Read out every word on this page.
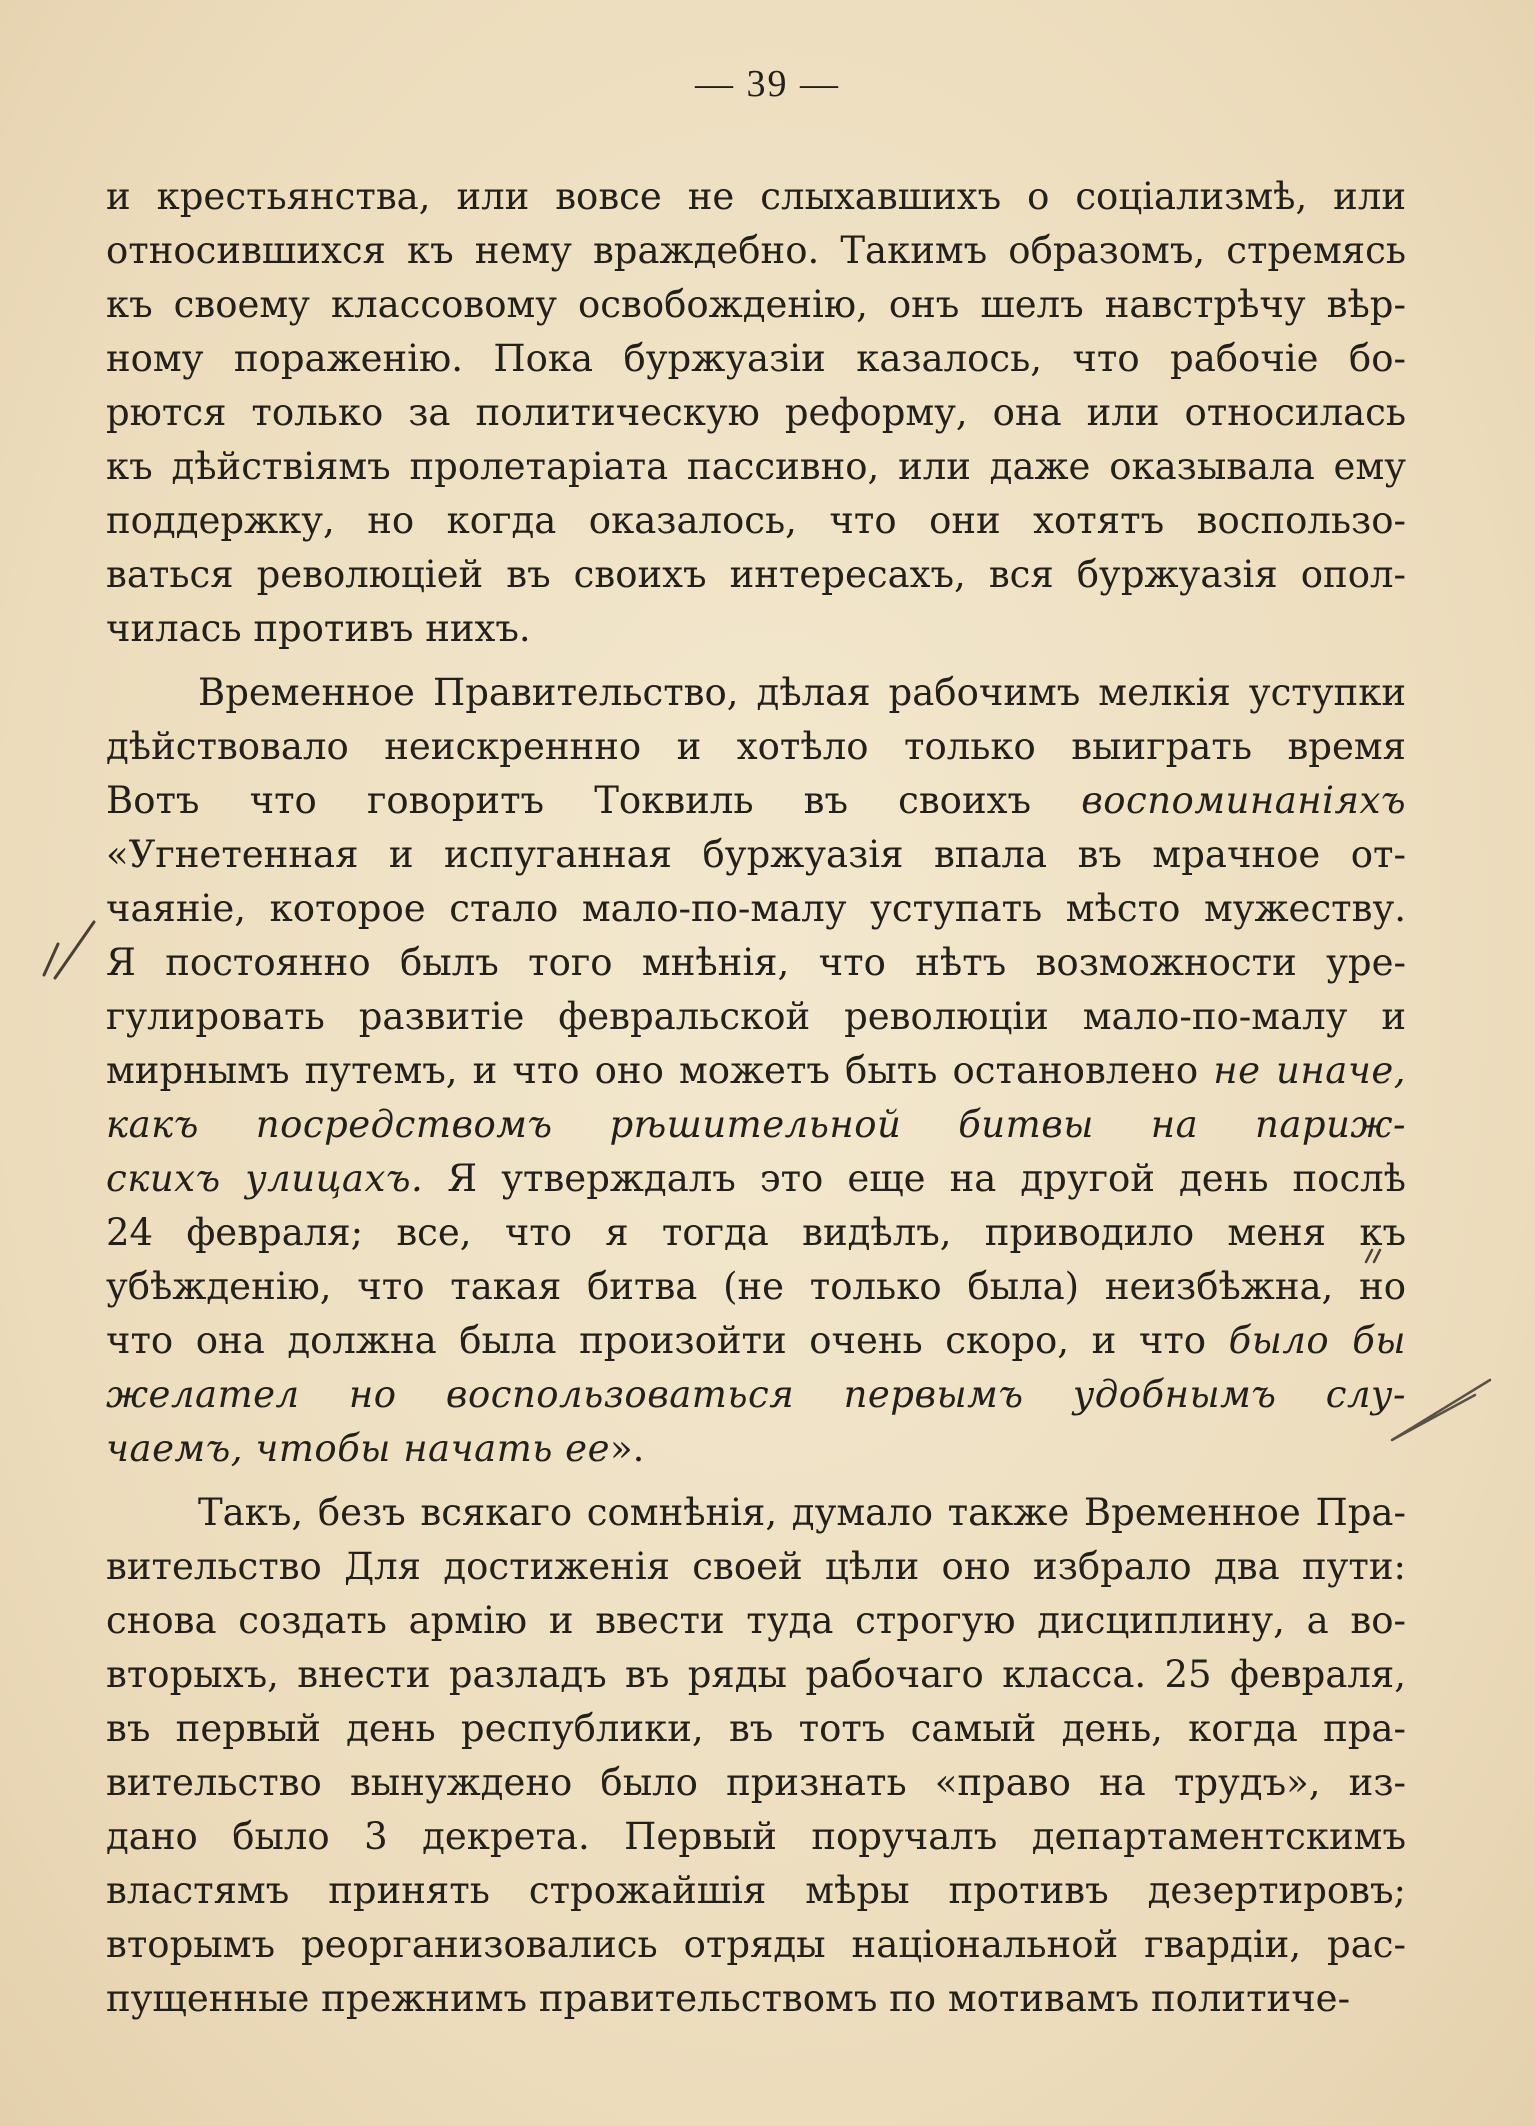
— 39 —
и крестьянства, или вовсе не слыхавшихъ о соціализмѣ, или
относившихся къ нему враждебно. Такимъ образомъ, стремясь
къ своему классовому освобожденію, онъ шелъ навстрѣчу вѣр-
ному пораженію. Пока буржуазіи казалось, что рабочіе бо-
рются только за политическую реформу, она или относилась
къ дѣйствіямъ пролетаріата пассивно, или даже оказывала ему
поддержку, но когда оказалось, что они хотятъ воспользо-
ваться революціей въ своихъ интересахъ, вся буржуазія опол-
чилась противъ нихъ.
Временное Правительство, дѣлая рабочимъ мелкія уступки
дѣйствовало неискреннно и хотѣло только выиграть время
Вотъ что говоритъ Токвиль въ своихъ воспоминаніяхъ
«Угнетенная и испуганная буржуазія впала въ мрачное от-
чаяніе, которое стало мало-по-малу уступать мѣсто мужеству.
Я постоянно былъ того мнѣнія, что нѣтъ возможности уре-
гулировать развитіе февральской революціи мало-по-малу и
мирнымъ путемъ, и что оно можетъ быть остановлено не иначе,
какъ посредствомъ рѣшительной битвы на париж-
скихъ улицахъ. Я утверждалъ это еще на другой день послѣ
24 февраля; все, что я тогда видѣлъ, приводило меня къ
убѣжденію, что такая битва (не только была) неизбѣжна, но
что она должна была произойти очень скоро, и что было бы
желател но воспользоваться первымъ удобнымъ слу-
чаемъ, чтобы начать ее».
Такъ, безъ всякаго сомнѣнія, думало также Временное Пра-
вительство Для достиженія своей цѣли оно избрало два пути:
снова создать армію и ввести туда строгую дисциплину, а во-
вторыхъ, внести разладъ въ ряды рабочаго класса. 25 февраля,
въ первый день республики, въ тотъ самый день, когда пра-
вительство вынуждено было признать «право на трудъ», из-
дано было 3 декрета. Первый поручалъ департаментскимъ
властямъ принять строжайшія мѣры противъ дезертировъ;
вторымъ реорганизовались отряды національной гвардіи, рас-
пущенные прежнимъ правительствомъ по мотивамъ политиче-
